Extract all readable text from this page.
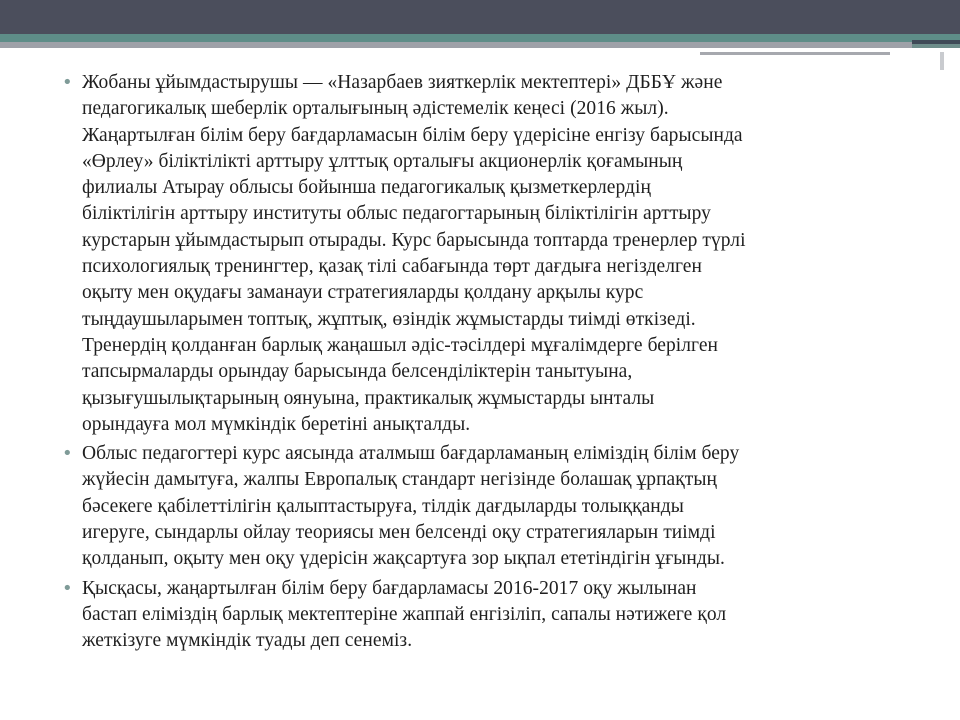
• Жобаны ұйымдастырушы — «Назарбаев зияткерлік мектептері» ДББҰ және
педагогикалық шеберлік орталығының әдістемелік кеңесі (2016 жыл).
Жаңартылған білім беру бағдарламасын білім беру үдерісіне енгізу барысында
«Өрлеу» біліктілікті арттыру ұлттық орталығы акционерлік қоғамының
филиалы Атырау облысы бойынша педагогикалық қызметкерлердің
біліктілігін арттыру институты облыс педагогтарының біліктілігін арттыру
курстарын ұйымдастырып отырады. Курс барысында топтарда тренерлер түрлі
психологиялық тренингтер, қазақ тілі сабағында төрт дағдыға негізделген
оқыту мен оқудағы заманауи стратегияларды қолдану арқылы курс
тыңдаушыларымен топтық, жұптық, өзіндік жұмыстарды тиімді өткізеді.
Тренердің қолданған барлық жаңашыл әдіс-тәсілдері мұғалімдерге берілген
тапсырмаларды орындау барысында белсенділіктерін танытуына,
қызығушылықтарының оянуына, практикалық жұмыстарды ынталы
орындауға мол мүмкіндік беретіні анықталды.
• Облыс педагогтері курс аясында аталмыш бағдарламаның еліміздің білім беру
жүйесін дамытуға, жалпы Европалық стандарт негізінде болашақ ұрпақтың
бәсекеге қабілеттілігін қалыптастыруға, тілдік дағдыларды толыққанды
игеруге, сындарлы ойлау теориясы мен белсенді оқу стратегияларын тиімді
қолданып, оқыту мен оқу үдерісін жақсартуға зор ықпал ететіндігін ұғынды.
• Қысқасы, жаңартылған білім беру бағдарламасы 2016-2017 оқу жылынан
бастап еліміздің барлық мектептеріне жаппай енгізіліп, сапалы нәтижеге қол
жеткізуге мүмкіндік туады деп сенеміз.
